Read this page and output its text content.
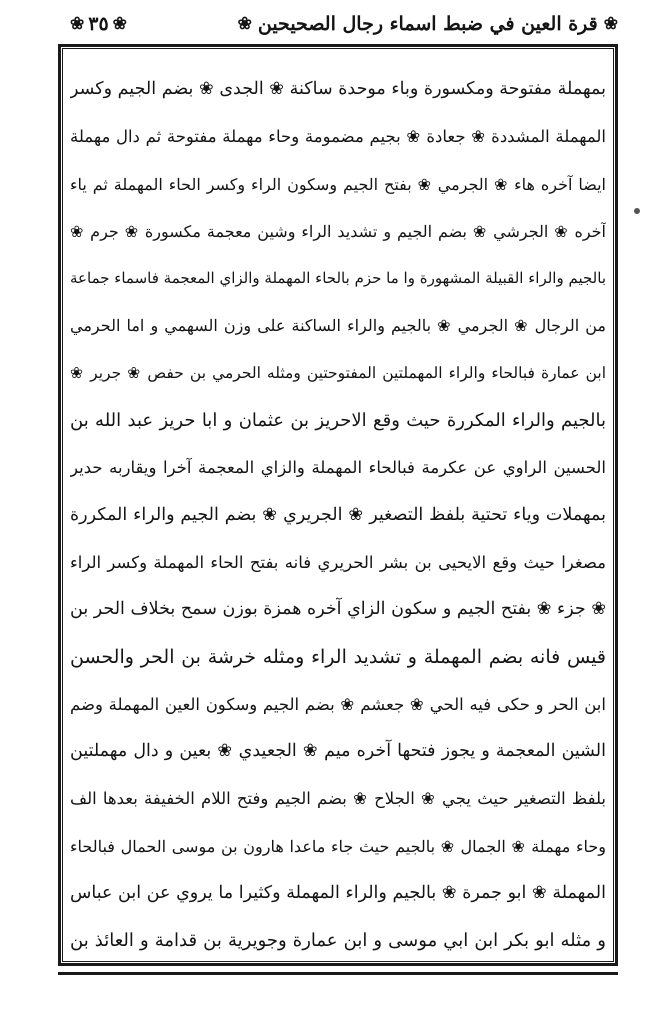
❀ قرة العين في ضبط اسماء رجال الصحيحين ❀
❀
٣٥
❀
بمهملة مفتوحة ومكسورة وباء موحدة ساكنة ❀ الجدى ❀ بضم الجيم وكسر
المهملة المشددة ❀ جعادة ❀ بجيم مضمومة وحاء مهملة مفتوحة ثم دال مهملة
ايضا آخره هاء ❀ الجرمي ❀ بفتح الجيم وسكون الراء وكسر الحاء المهملة ثم ياء
آخره ❀ الجرشي ❀ بضم الجيم و تشديد الراء وشين معجمة مكسورة ❀ جرم ❀
بالجيم والراء القبيلة المشهورة وا ما حزم بالحاء المهملة والزاي المعجمة فاسماء جماعة
من الرجال ❀ الجرمي ❀ بالجيم والراء الساكنة على وزن السهمي و اما الحرمي
ابن عمارة فبالحاء والراء المهملتين المفتوحتين ومثله الحرمي بن حفص ❀ جرير ❀
بالجيم والراء المكررة حيث وقع الاحريز بن عثمان و ابا حريز عبد الله بن
الحسين الراوي عن عكرمة فبالحاء المهملة والزاي المعجمة آخرا ويقاربه حدير
بمهملات وياء تحتية بلفظ التصغير ❀ الجريري ❀ بضم الجيم والراء المكررة
مصغرا حيث وقع الايحيى بن بشر الحريري فانه بفتح الحاء المهملة وكسر الراء
❀ جزء ❀ بفتح الجيم و سكون الزاي آخره همزة بوزن سمح بخلاف الحر بن
قيس فانه بضم المهملة و تشديد الراء ومثله خرشة بن الحر والحسن
ابن الحر و حكى فيه الحي ❀ جعشم ❀ بضم الجيم وسكون العين المهملة وضم
الشين المعجمة و يجوز فتحها آخره ميم ❀ الجعيدي ❀ بعين و دال مهملتين
بلفظ التصغير حيث يجي ❀ الجلاح ❀ بضم الجيم وفتح اللام الخفيفة بعدها الف
وحاء مهملة ❀ الجمال ❀ بالجيم حيث جاء ماعدا هارون بن موسى الحمال فبالحاء
المهملة ❀ ابو جمرة ❀ بالجيم والراء المهملة وكثيرا ما يروي عن ابن عباس
و مثله ابو بكر ابن ابي موسى و ابن عمارة وجويرية بن قدامة و العائذ بن
